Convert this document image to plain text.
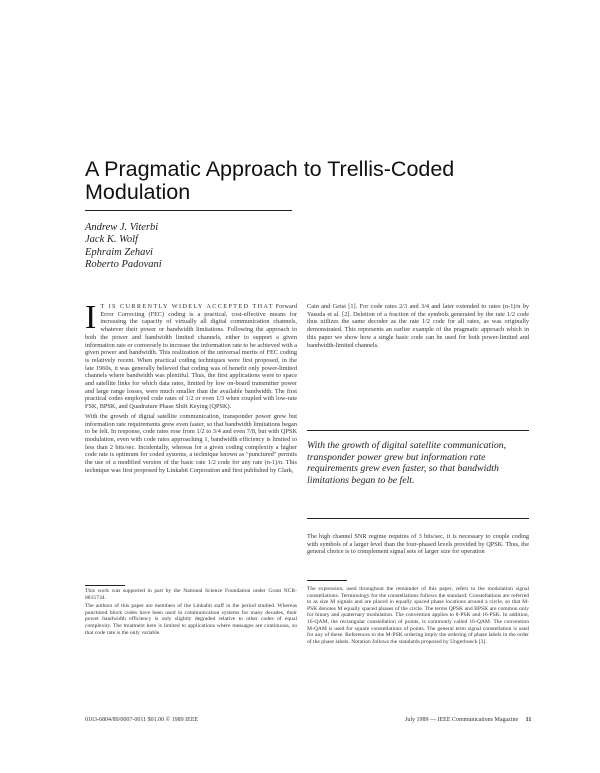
A Pragmatic Approach to Trellis-Coded Modulation
Andrew J. Viterbi
Jack K. Wolf
Ephraim Zehavi
Roberto Padovani

I T IS CURRENTLY WIDELY ACCEPTED THAT Forward Error Correcting (FEC) coding is a practical, cost-effective means for increasing the capacity of virtually all digital communication channels, whatever their power or bandwidth limitations. Following the approach to both the power and bandwidth limited channels, either to support a given information rate or conversely to increase the information rate to be achieved with a given power and bandwidth. This realization of the universal merits of FEC coding is relatively recent. When practical coding techniques were first proposed, in the late 1960s, it was generally believed that coding was of benefit only power-limited channels where bandwidth was plentiful. Thus, the first applications were to space and satellite links for which data rates, limited by low on-board transmitter power and large range losses, were much smaller than the available bandwidth. The first practical codes employed code rates of 1/2 or even 1/3 when coupled with low-rate FSK, BPSK, and Quadrature Phase Shift Keying (QPSK).

With the growth of digital satellite communication, transponder power grew but information rate requirements grew even faster, so that bandwidth limitations began to be felt. In response, code rates rose from 1/2 to 3/4 and even 7/8, but with QPSK modulation, even with code rates approaching 1, bandwidth efficiency is limited to less than 2 bits/sec. Incidentally, whereas for a given coding complexity a higher code rate is optimum for coded systems, a technique known as "punctured" permits the use of a modified version of the basic rate 1/2 code for any rate (n-1)/n. This technique was first proposed by Linkabit Corporation and first published by Clark,

Cain and Geist [1]. For code rates 2/3 and 3/4 and later extended to rates (n-1)/n by Yasuda et al. [2]. Deletion of a fraction of the symbols generated by the rate 1/2 code thus utilizes the same decoder as the rate 1/2 code for all rates, as was originally demonstrated. This represents an earlier example of the pragmatic approach which in this paper we show how a single basic code can be used for both power-limited and bandwidth-limited channels.

With the growth of digital satellite communication, transponder power grew but information rate requirements grew even faster, so that bandwidth limitations began to be felt.

The high channel SNR regime requires of 3 bits/sec, it is necessary to couple coding with symbols of a larger level than the four-phased levels provided by QPSK. Thus, the general choice is to complement signal sets of larger size for operation

The expression, used throughout the remainder of this paper, refers to the modulation signal constellations. Terminology for the constellations follows the standard: Constellations are referred to as size M signals and are placed in equally spaced phase locations around a circle, so that M-PSK denotes M equally spaced phases of the circle. The terms QPSK and BPSK are common only for binary and quaternary modulation. The convention applies to 8-PSK and 16-PSK. In addition, 16-QAM, the rectangular constellation of points, is commonly called 16-QAM. The convention M-QAM is used for square constellations of points. The general term signal constellation is used for any of these. References to the M-PSK ordering imply the ordering of phase labels in the order of the phase labels. Notation follows the standards proposed by Ungerboeck [3].

This work was supported in part by the National Science Foundation under Grant NCR-8815734.

The authors of this paper are members of the Linkabit staff in the period studied. Whereas punctured block codes have been used in communication systems for many decades, their power bandwidth efficiency is only slightly degraded relative to other codes of equal complexity. The treatment here is limited to applications where messages are continuous, so that code rate is the only variable.

0163-6804/89/0007-0011 $01.00 © 1989 IEEE	July 1989 — IEEE Communications Magazine 11
